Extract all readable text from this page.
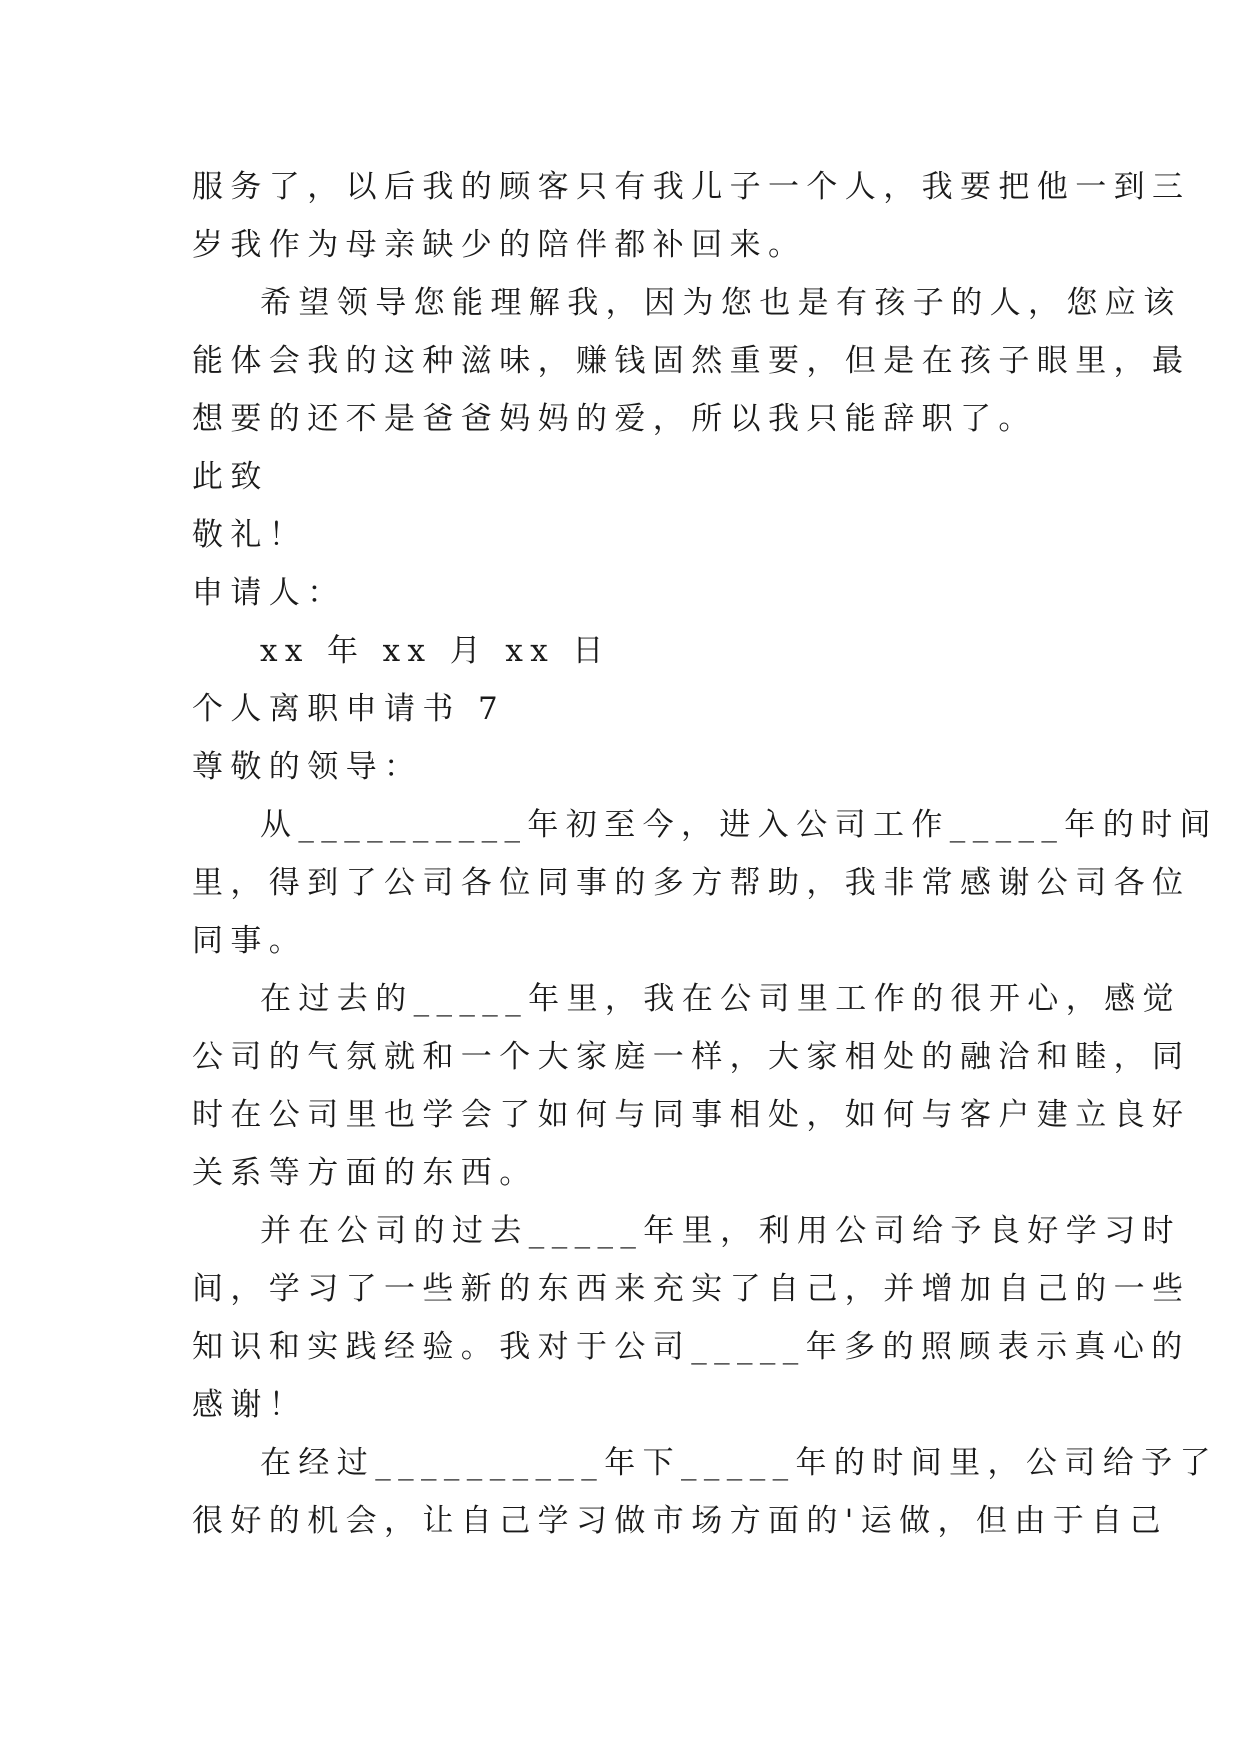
服务了，以后我的顾客只有我儿子一个人，我要把他一到三
岁我作为母亲缺少的陪伴都补回来。
希望领导您能理解我，因为您也是有孩子的人，您应该
能体会我的这种滋味，赚钱固然重要，但是在孩子眼里，最
想要的还不是爸爸妈妈的爱，所以我只能辞职了。
此致
敬礼！
申请人：
xx 年 xx 月 xx 日
个人离职申请书 7
尊敬的领导：
从__________年初至今，进入公司工作_____年的时间
里，得到了公司各位同事的多方帮助，我非常感谢公司各位
同事。
在过去的_____年里，我在公司里工作的很开心，感觉
公司的气氛就和一个大家庭一样，大家相处的融洽和睦，同
时在公司里也学会了如何与同事相处，如何与客户建立良好
关系等方面的东西。
并在公司的过去_____年里，利用公司给予良好学习时
间，学习了一些新的东西来充实了自己，并增加自己的一些
知识和实践经验。我对于公司_____年多的照顾表示真心的
感谢！
在经过__________年下_____年的时间里，公司给予了
很好的机会，让自己学习做市场方面的'运做，但由于自己
